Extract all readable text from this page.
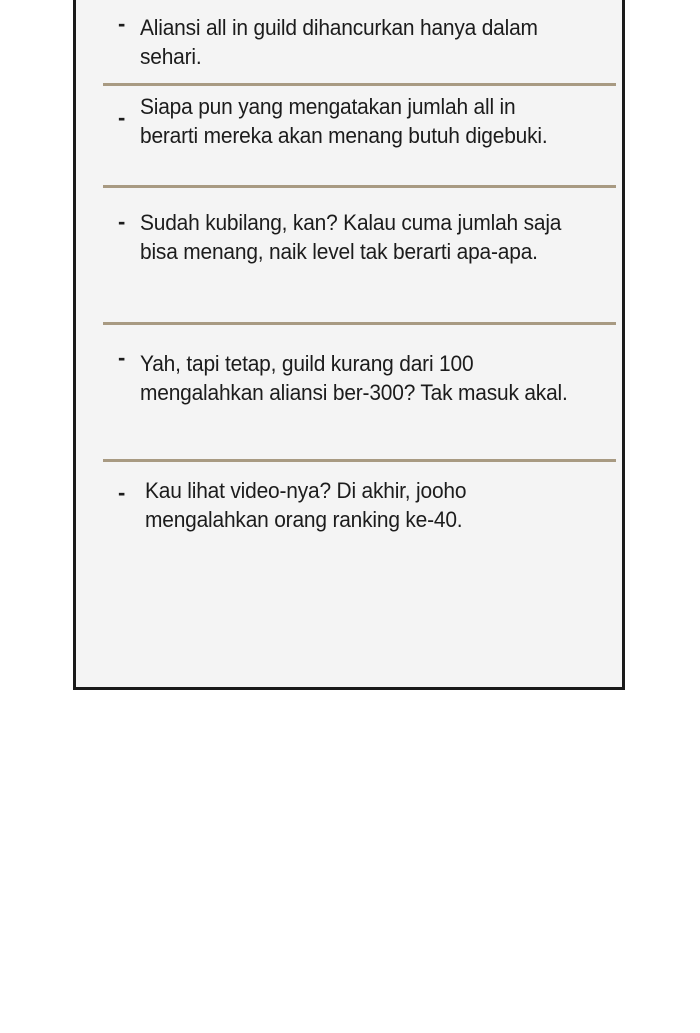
- Aliansi all in guild dihancurkan hanya dalam sehari.
- Siapa pun yang mengatakan jumlah all in berarti mereka akan menang butuh digebuki.
- Sudah kubilang, kan? Kalau cuma jumlah saja bisa menang, naik level tak berarti apa-apa.
- Yah, tapi tetap, guild kurang dari 100 mengalahkan aliansi ber-300? Tak masuk akal.
- Kau lihat video-nya? Di akhir, jooho mengalahkan orang ranking ke-40.
